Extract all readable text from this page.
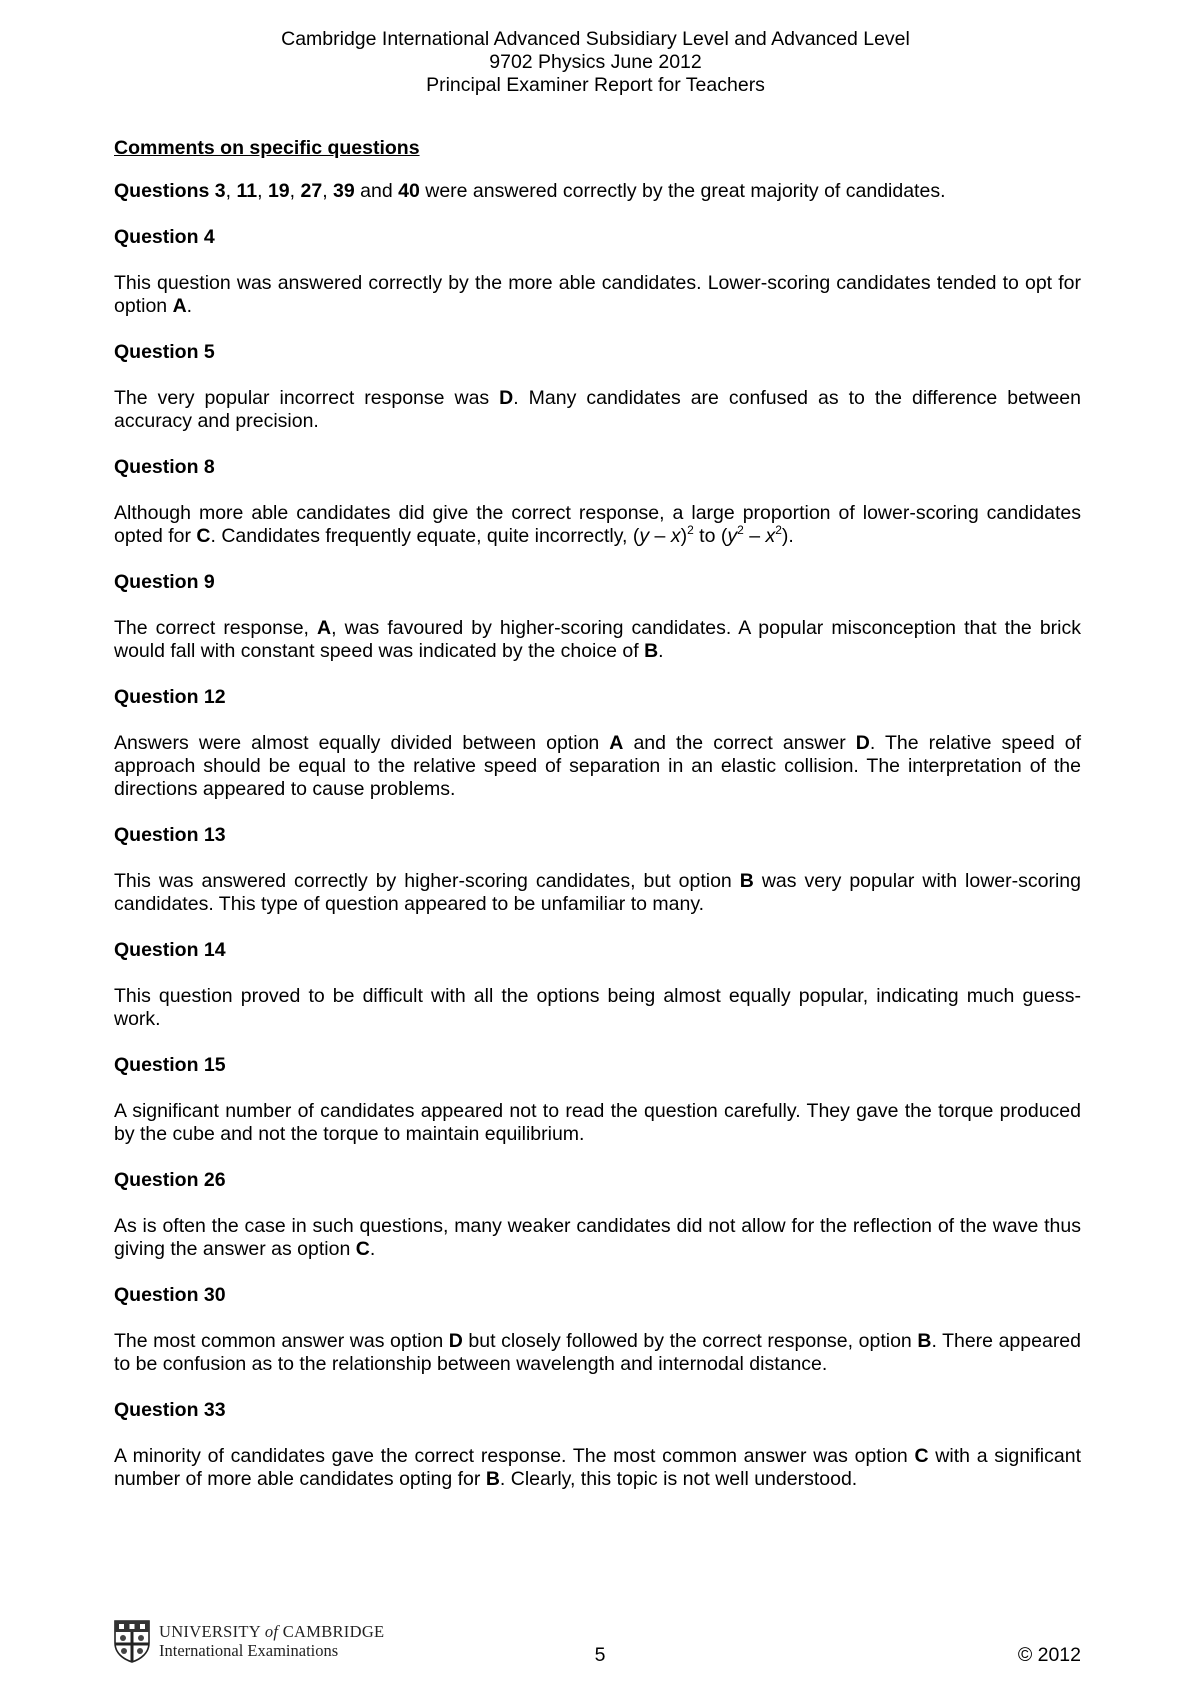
Cambridge International Advanced Subsidiary Level and Advanced Level
9702 Physics June 2012
Principal Examiner Report for Teachers
Comments on specific questions
Questions 3, 11, 19, 27, 39 and 40 were answered correctly by the great majority of candidates.
Question 4
This question was answered correctly by the more able candidates. Lower-scoring candidates tended to opt for option A.
Question 5
The very popular incorrect response was D. Many candidates are confused as to the difference between accuracy and precision.
Question 8
Although more able candidates did give the correct response, a large proportion of lower-scoring candidates opted for C. Candidates frequently equate, quite incorrectly, (y – x)$^2$ to $(y^2 - x^2)$.
Question 9
The correct response, A, was favoured by higher-scoring candidates. A popular misconception that the brick would fall with constant speed was indicated by the choice of B.
Question 12
Answers were almost equally divided between option A and the correct answer D. The relative speed of approach should be equal to the relative speed of separation in an elastic collision. The interpretation of the directions appeared to cause problems.
Question 13
This was answered correctly by higher-scoring candidates, but option B was very popular with lower-scoring candidates. This type of question appeared to be unfamiliar to many.
Question 14
This question proved to be difficult with all the options being almost equally popular, indicating much guess-work.
Question 15
A significant number of candidates appeared not to read the question carefully. They gave the torque produced by the cube and not the torque to maintain equilibrium.
Question 26
As is often the case in such questions, many weaker candidates did not allow for the reflection of the wave thus giving the answer as option C.
Question 30
The most common answer was option D but closely followed by the correct response, option B. There appeared to be confusion as to the relationship between wavelength and internodal distance.
Question 33
A minority of candidates gave the correct response. The most common answer was option C with a significant number of more able candidates opting for B. Clearly, this topic is not well understood.
UNIVERSITY of CAMBRIDGE
International Examinations	5	© 2012
